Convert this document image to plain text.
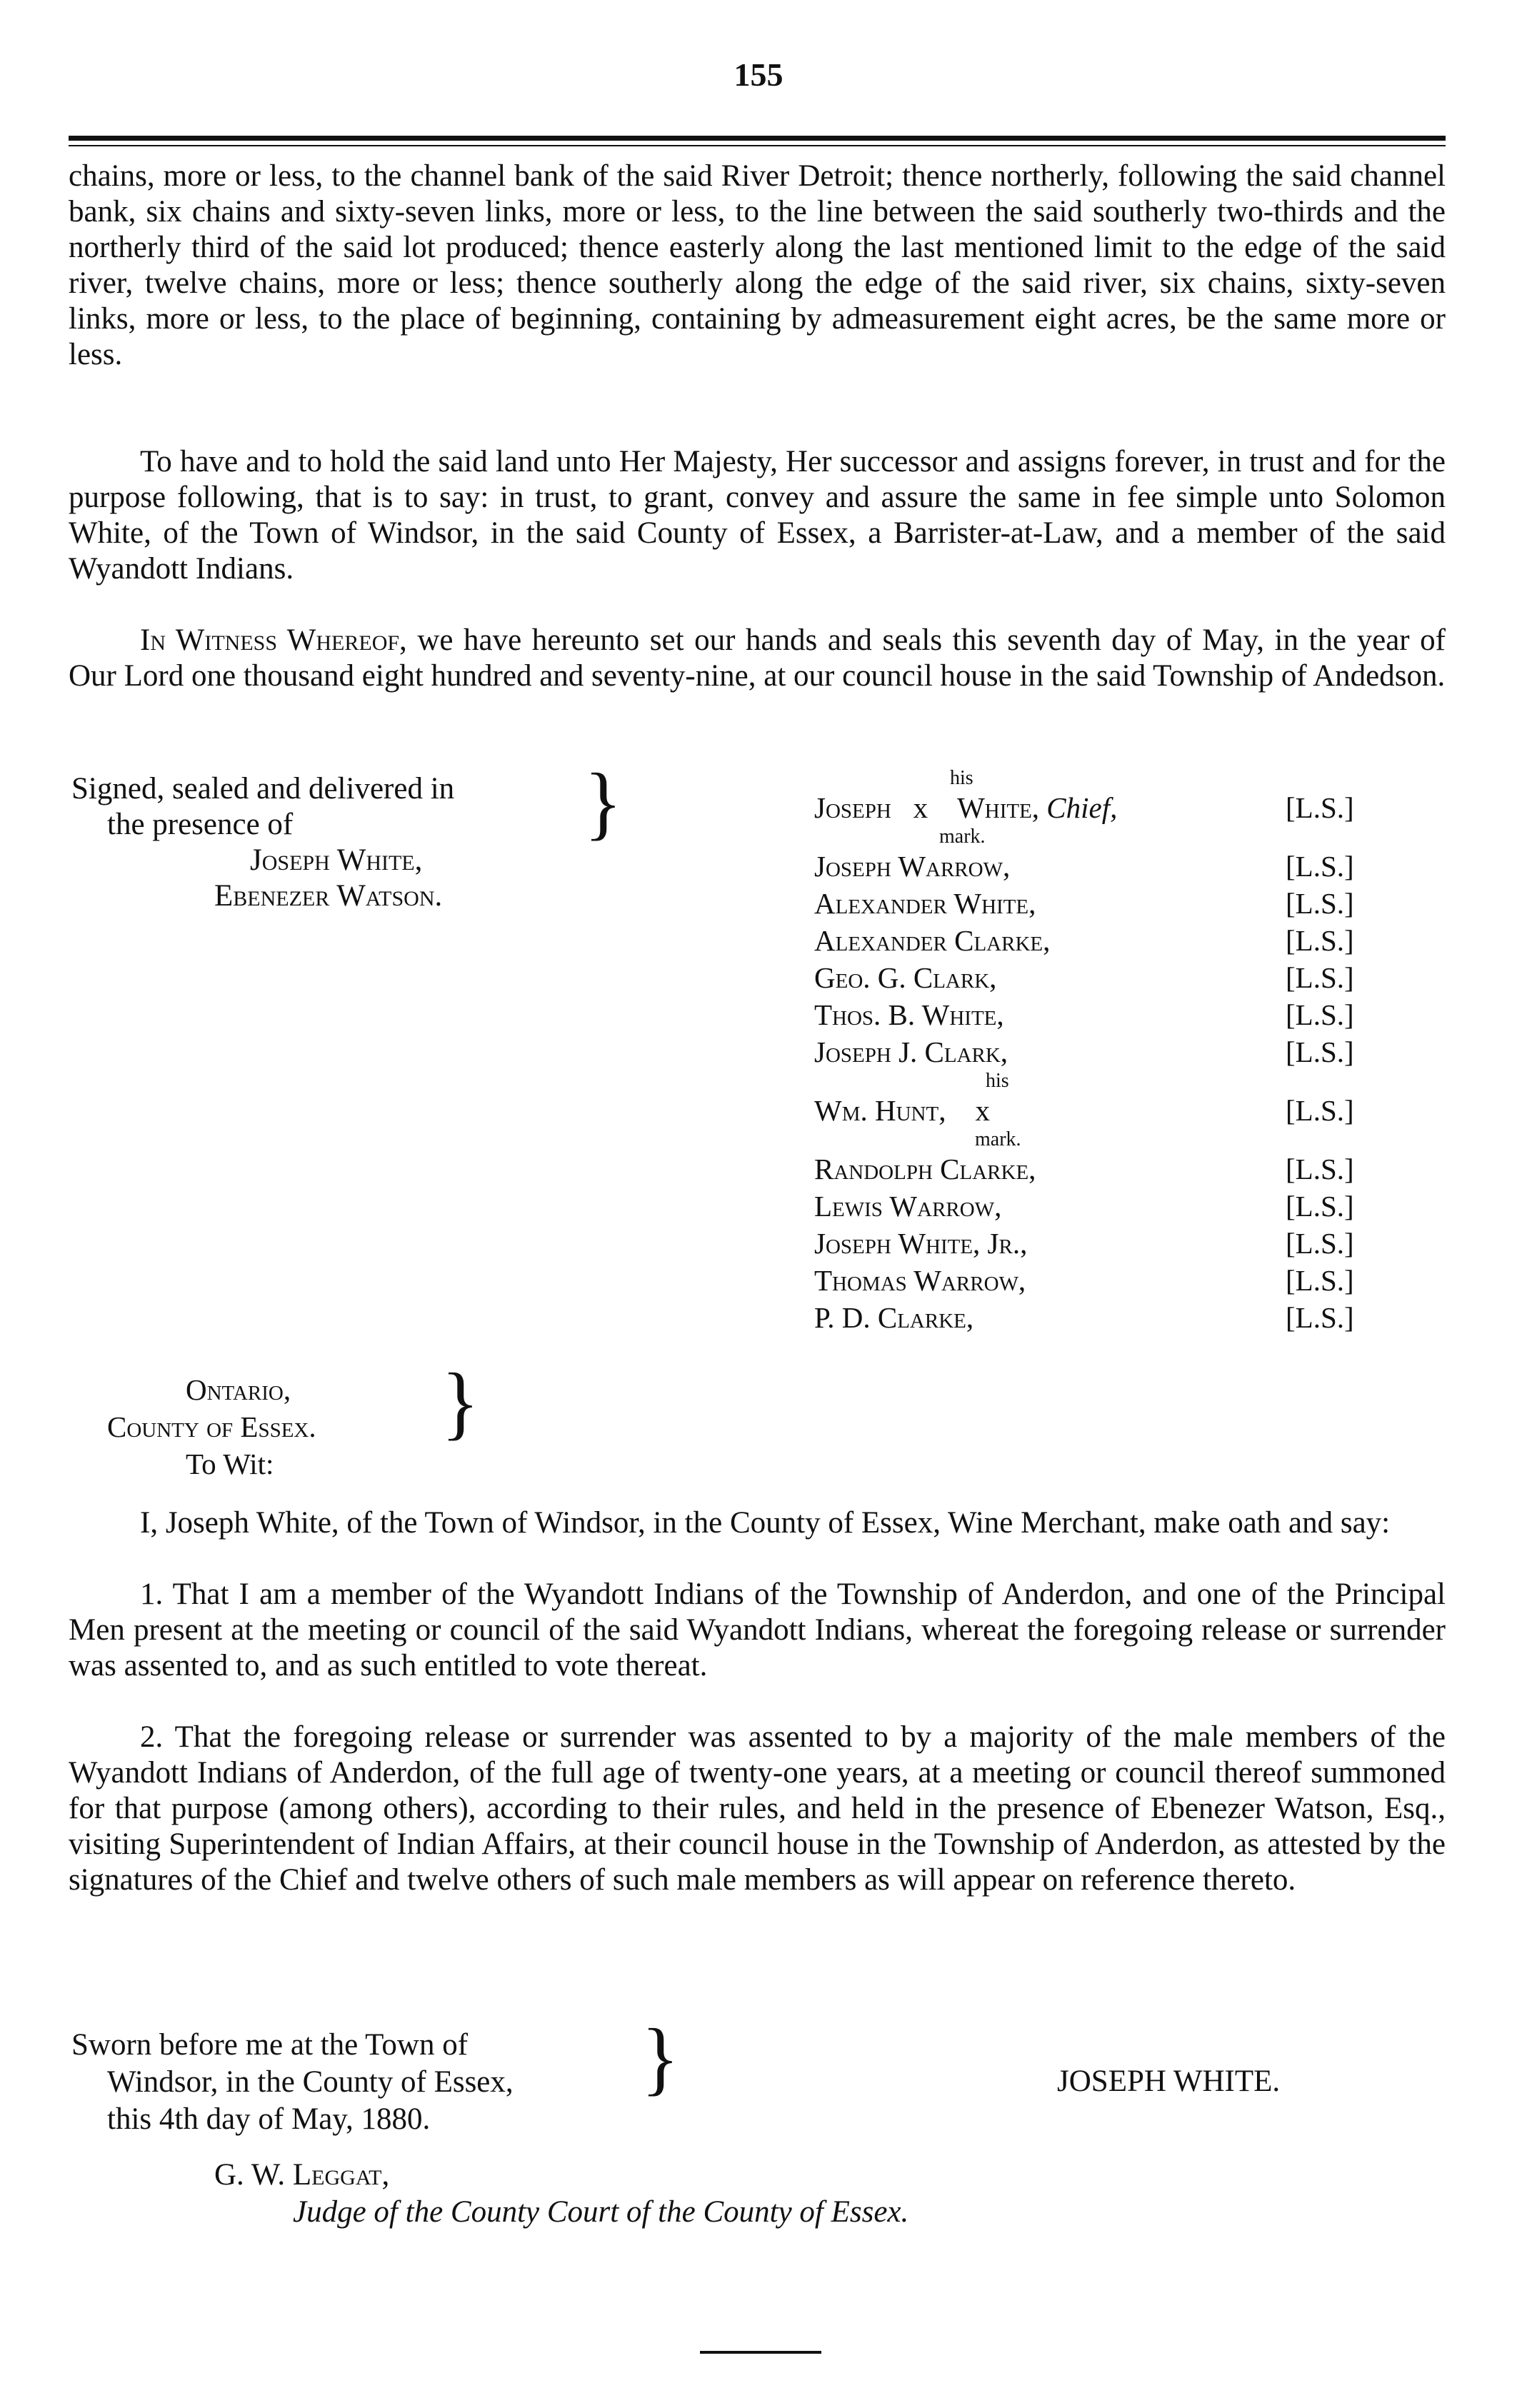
155

chains, more or less, to the channel bank of the said River Detroit; thence northerly, following the said channel bank, six chains and sixty-seven links, more or less, to the line between the said southerly two-thirds and the northerly third of the said lot produced; thence easterly along the last mentioned limit to the edge of the said river, twelve chains, more or less; thence southerly along the edge of the said river, six chains, sixty-seven links, more or less, to the place of beginning, containing by admeasurement eight acres, be the same more or less.

To have and to hold the said land unto Her Majesty, Her successor and assigns forever, in trust and for the purpose following, that is to say: in trust, to grant, convey and assure the same in fee simple unto Solomon White, of the Town of Windsor, in the said County of Essex, a Barrister-at-Law, and a member of the said Wyandott Indians.

In Witness Whereof, we have hereunto set our hands and seals this seventh day of May, in the year of Our Lord one thousand eight hundred and seventy-nine, at our council house in the said Township of Andedson.

Signed, sealed and delivered in
the presence of
Joseph White,
Ebenezer Watson.
}	his
Joseph x White, Chief,	[L.S.]
mark.
Joseph Warrow,	[L.S.]
Alexander White,	[L.S.]
Alexander Clarke,	[L.S.]
Geo. G. Clark,	[L.S.]
Thos. B. White,	[L.S.]
Joseph J. Clark,	[L.S.]
his
Wm. Hunt, x	[L.S.]
mark.
Randolph Clarke,	[L.S.]
Lewis Warrow,	[L.S.]
Joseph White, Jr.,	[L.S.]
Thomas Warrow,	[L.S.]
P. D. Clarke,	[L.S.]
Ontario,
County of Essex.
To Wit:
}

I, Joseph White, of the Town of Windsor, in the County of Essex, Wine Merchant, make oath and say:

1. That I am a member of the Wyandott Indians of the Township of Anderdon, and one of the Principal Men present at the meeting or council of the said Wyandott Indians, whereat the foregoing release or surrender was assented to, and as such entitled to vote thereat.

2. That the foregoing release or surrender was assented to by a majority of the male members of the Wyandott Indians of Anderdon, of the full age of twenty-one years, at a meeting or council thereof summoned for that purpose (among others), according to their rules, and held in the presence of Ebenezer Watson, Esq., visiting Superintendent of Indian Affairs, at their council house in the Township of Anderdon, as attested by the signatures of the Chief and twelve others of such male members as will appear on reference thereto.

Sworn before me at the Town of
Windsor, in the County of Essex,
this 4th day of May, 1880.
}	JOSEPH WHITE.
G. W. Leggat,
Judge of the County Court of the County of Essex.
